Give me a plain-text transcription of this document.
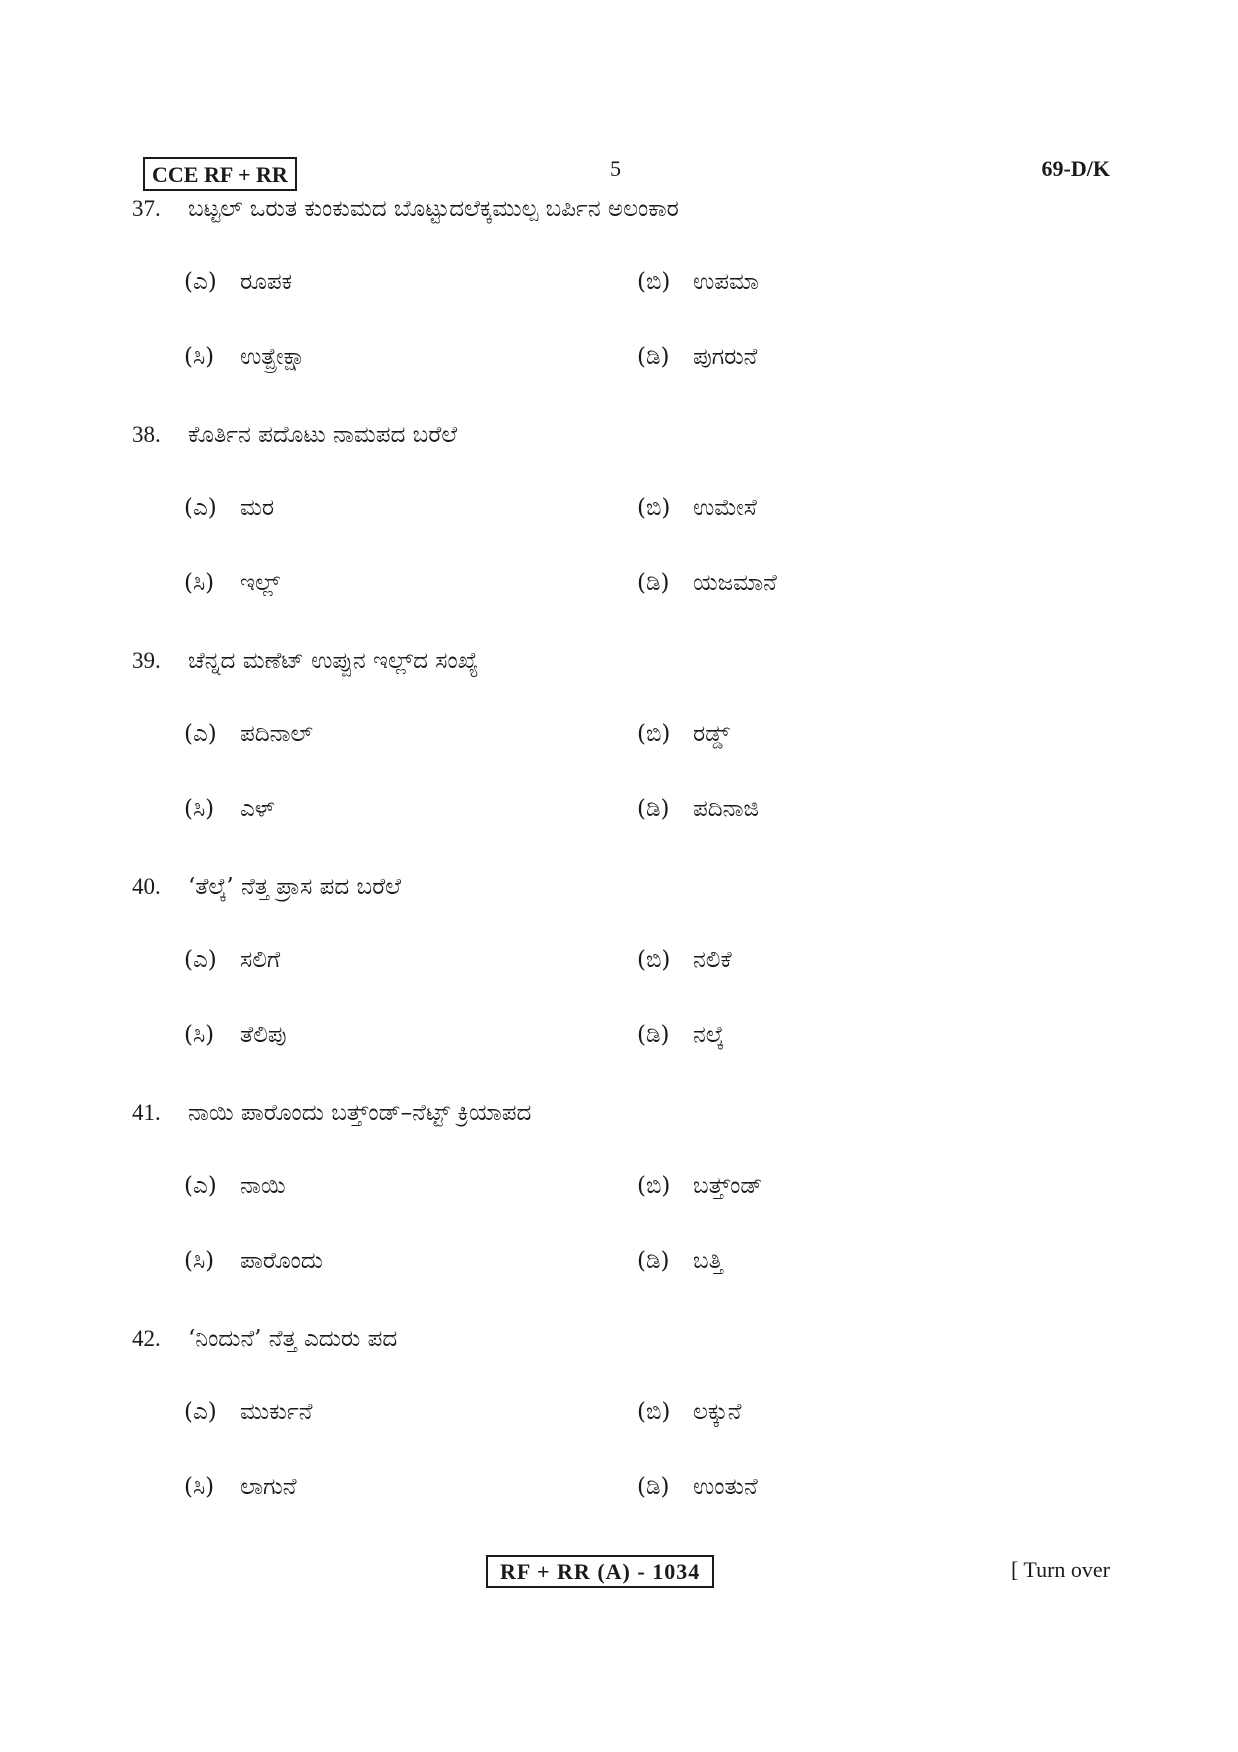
CCE RF + RR	5	69-D/K
37.	ಬಟ್ಟಲ್ ಒರುತ ಕುಂಕುಮದ ಬೊಟ್ಟುದಲೆಕ್ಕಮುಲ್ಪ ಬರ್ಪಿನ ಅಲಂಕಾರ
(ಎ)	ರೂಪಕ	(ಬಿ) ಉಪಮಾ
(ಸಿ)	ಉತ್ಪ್ರೇಕ್ಷಾ	(ಡಿ)	ಪುಗರುನೆ
38.	ಕೊರ್ತಿನ ಪದೊಟು ನಾಮಪದ ಬರೆಲೆ
(ಎ)	ಮರ	(ಬಿ) ಉಮೇಸೆ
(ಸಿ)	ಇಲ್ಲ್	(ಡಿ)	ಯಜಮಾನೆ
39.	ಚೆನ್ನದ ಮಣೆಟ್ ಉಪ್ಪುನ ಇಲ್ಲ್‌ದ ಸಂಖ್ಯೆ
(ಎ)	ಪದಿನಾಲ್	(ಬಿ) ರಡ್ಡ್
(ಸಿ)	ಎಳ್	(ಡಿ)	ಪದಿನಾಜಿ
40.	‘ತೆಲ್ಕೆ’ ನೆತ್ತ ಪ್ರಾಸ ಪದ ಬರೆಲೆ
(ಎ)	ಸಲಿಗೆ	(ಬಿ) ನಲಿಕೆ
(ಸಿ)	ತೆಲಿಪು	(ಡಿ)	ನಲ್ಕೆ
41.	ನಾಯಿ ಪಾರೊಂದು ಬತ್ತ್‌ಂಡ್–ನೆಟ್ಟ್ ಕ್ರಿಯಾಪದ
(ಎ)	ನಾಯಿ	(ಬಿ) ಬತ್ತ್‌ಂಡ್
(ಸಿ)	ಪಾರೊಂದು	(ಡಿ)	ಬತ್ತಿ
42.	‘ನಿಂದುನೆ’ ನೆತ್ತ ಎದುರು ಪದ
(ಎ)	ಮುರ್ಕುನೆ	(ಬಿ) ಲಕ್ಕುನೆ
(ಸಿ)	ಲಾಗುನೆ	(ಡಿ)	ಉಂತುನೆ
RF + RR (A) - 1034	[ Turn over
